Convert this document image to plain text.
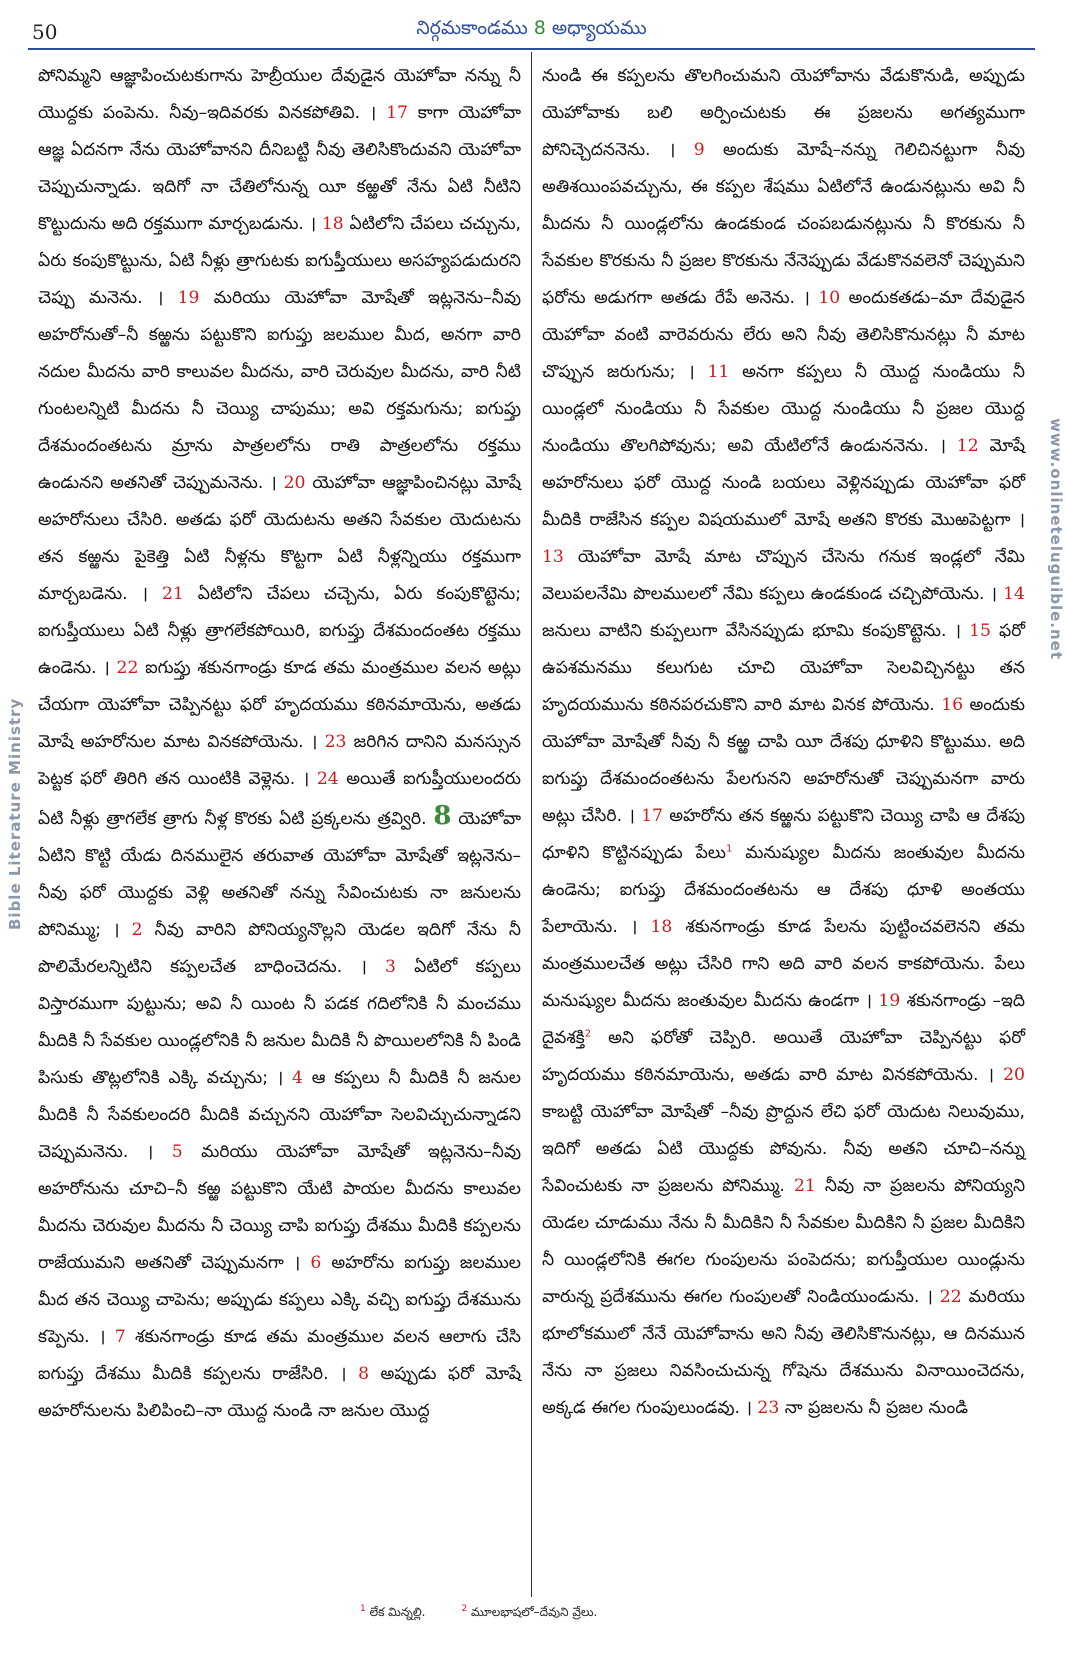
50	నిర్గమకాండము 8 అధ్యాయము
Bible Literature Ministry
www.onlineteluguible.net
పోనిమ్మని ఆజ్ఞాపించుటకుగాను హెబ్రీయుల దేవుడైన యెహోవా నన్ను నీ యొద్దకు పంపెను. నీవు–ఇదివరకు వినకపోతివి. । 17 కాగా యెహోవా ఆజ్ఞ ఏదనగా నేను యెహోవానని దీనిబట్టి నీవు తెలిసికొందువని యెహోవా చెప్పుచున్నాడు. ఇదిగో నా చేతిలోనున్న యీ కఱ్ఱతో నేను ఏటి నీటిని కొట్టుదును అది రక్తముగా మార్చబడును. । 18 ఏటిలోని చేపలు చచ్చును, ఏరు కంపుకొట్టును, ఏటి నీళ్లు త్రాగుటకు ఐగుప్తీయులు అసహ్యపడుదురని చెప్పు మనెను. । 19 మరియు యెహోవా మోషేతో ఇట్లనెను–నీవు అహరోనుతో–నీ కఱ్ఱను పట్టుకొని ఐగుప్తు జలముల మీద, అనగా వారి నదుల మీదను వారి కాలువల మీదను, వారి చెరువుల మీదను, వారి నీటి గుంటలన్నిటి మీదను నీ చెయ్యి చాపుము; అవి రక్తమగును; ఐగుప్తు దేశమందంతటను మ్రాను పాత్రలలోను రాతి పాత్రలలోను రక్తము ఉండునని అతనితో చెప్పుమనెను. । 20 యెహోవా ఆజ్ఞాపించినట్లు మోషే అహరోనులు చేసిరి. అతడు ఫరో యెదుటను అతని సేవకుల యెదుటను తన కఱ్ఱను పైకెత్తి ఏటి నీళ్లను కొట్టగా ఏటి నీళ్లన్నియు రక్తముగా మార్చబడెను. । 21 ఏటిలోని చేపలు చచ్చెను, ఏరు కంపుకొట్టెను; ఐగుప్తీయులు ఏటి నీళ్లు త్రాగలేకపోయిరి, ఐగుప్తు దేశమందంతట రక్తము ఉండెను. । 22 ఐగుప్తు శకునగాండ్రు కూడ తమ మంత్రముల వలన అట్లు చేయగా యెహోవా చెప్పినట్టు ఫరో హృదయము కఠినమాయెను, అతడు మోషే అహరోనుల మాట వినకపోయెను. । 23 జరిగిన దానిని మనస్సున పెట్టక ఫరో తిరిగి తన యింటికి వెళ్లెను. । 24 అయితే ఐగుప్తీయులందరు ఏటి నీళ్లు త్రాగలేక త్రాగు నీళ్ల కొరకు ఏటి ప్రక్కలను త్రవ్విరి. 8 యెహోవా ఏటిని కొట్టి యేడు దినములైన తరువాత యెహోవా మోషేతో ఇట్లనెను–నీవు ఫరో యొద్దకు వెళ్లి అతనితో నన్ను సేవించుటకు నా జనులను పోనిమ్ము; । 2 నీవు వారిని పోనియ్యనొల్లని యెడల ఇదిగో నేను నీ పొలిమేరలన్నిటిని కప్పలచేత బాధించెదను. । 3 ఏటిలో కప్పలు విస్తారముగా పుట్టును; అవి నీ యింట నీ పడక గదిలోనికి నీ మంచము మీదికి నీ సేవకుల యిండ్లలోనికి నీ జనుల మీదికి నీ పొయిలలోనికి నీ పిండి పిసుకు తొట్లలోనికి ఎక్కి వచ్చును; । 4 ఆ కప్పలు నీ మీదికి నీ జనుల మీదికి నీ సేవకులందరి మీదికి వచ్చునని యెహోవా సెలవిచ్చుచున్నాడని చెప్పుమనెను. । 5 మరియు యెహోవా మోషేతో ఇట్లనెను–నీవు అహరోనును చూచి–నీ కఱ్ఱ పట్టుకొని యేటి పాయల మీదను కాలువల మీదను చెరువుల మీదను నీ చెయ్యి చాపి ఐగుప్తు దేశము మీదికి కప్పలను రాజేయుమని అతనితో చెప్పుమనగా । 6 అహరోను ఐగుప్తు జలముల మీద తన చెయ్యి చాపెను; అప్పుడు కప్పలు ఎక్కి వచ్చి ఐగుప్తు దేశమును కప్పెను. । 7 శకునగాండ్రు కూడ తమ మంత్రముల వలన ఆలాగు చేసి ఐగుప్తు దేశము మీదికి కప్పలను రాజేసిరి. । 8 అప్పుడు ఫరో మోషే అహరోనులను పిలిపించి–నా యొద్ద నుండి నా జనుల యొద్ద
నుండి ఈ కప్పలను తొలగించుమని యెహోవాను వేడుకొనుడి, అప్పుడు యెహోవాకు బలి అర్పించుటకు ఈ ప్రజలను అగత్యముగా పోనిచ్చెదననెను. । 9 అందుకు మోషే–నన్ను గెలిచినట్టుగా నీవు అతిశయింపవచ్చును, ఈ కప్పల శేషము ఏటిలోనే ఉండునట్లును అవి నీ మీదను నీ యిండ్లలోను ఉండకుండ చంపబడునట్లును నీ కొరకును నీ సేవకుల కొరకును నీ ప్రజల కొరకును నేనెప్పుడు వేడుకొనవలెనో చెప్పుమని ఫరోను అడుగగా అతడు రేపే అనెను. । 10 అందుకతడు–మా దేవుడైన యెహోవా వంటి వారెవరును లేరు అని నీవు తెలిసికొనునట్లు నీ మాట చొప్పున జరుగును; । 11 అనగా కప్పలు నీ యొద్ద నుండియు నీ యిండ్లలో నుండియు నీ సేవకుల యొద్ద నుండియు నీ ప్రజల యొద్ద నుండియు తొలగిపోవును; అవి యేటిలోనే ఉండుననెను. । 12 మోషే అహరోనులు ఫరో యొద్ద నుండి బయలు వెళ్లినప్పుడు యెహోవా ఫరో మీదికి రాజేసిన కప్పల విషయములో మోషే అతని కొరకు మొఱపెట్టగా । 13 యెహోవా మోషే మాట చొప్పున చేసెను గనుక ఇండ్లలో నేమి వెలుపలనేమి పొలములలో నేమి కప్పలు ఉండకుండ చచ్చిపోయెను. । 14 జనులు వాటిని కుప్పలుగా వేసినప్పుడు భూమి కంపుకొట్టెను. । 15 ఫరో ఉపశమనము కలుగుట చూచి యెహోవా సెలవిచ్చినట్టు తన హృదయమును కఠినపరచుకొని వారి మాట వినక పోయెను. 16 అందుకు యెహోవా మోషేతో నీవు నీ కఱ్ఱ చాపి యీ దేశపు ధూళిని కొట్టుము. అది ఐగుప్తు దేశమందంతటను పేలగునని అహరోనుతో చెప్పుమనగా వారు అట్లు చేసిరి. । 17 అహరోను తన కఱ్ఱను పట్టుకొని చెయ్యి చాపి ఆ దేశపు ధూళిని కొట్టినప్పుడు పేలు$^1$ మనుష్యుల మీదను జంతువుల మీదను ఉండెను; ఐగుప్తు దేశమందంతటను ఆ దేశపు ధూళి అంతయు పేలాయెను. । 18 శకునగాండ్రు కూడ పేలను పుట్టించవలెనని తమ మంత్రములచేత అట్లు చేసిరి గాని అది వారి వలన కాకపోయెను. పేలు మనుష్యుల మీదను జంతువుల మీదను ఉండగా । 19 శకునగాండ్రు –ఇది దైవశక్తి$^2$ అని ఫరోతో చెప్పిరి. అయితే యెహోవా చెప్పినట్టు ఫరో హృదయము కఠినమాయెను, అతడు వారి మాట వినకపోయెను. । 20 కాబట్టి యెహోవా మోషేతో –నీవు ప్రొద్దున లేచి ఫరో యెదుట నిలువుము, ఇదిగో అతడు ఏటి యొద్దకు పోవును. నీవు అతని చూచి–నన్ను సేవించుటకు నా ప్రజలను పోనిమ్ము. 21 నీవు నా ప్రజలను పోనియ్యని యెడల చూడుము నేను నీ మీదికిని నీ సేవకుల మీదికిని నీ ప్రజల మీదికిని నీ యిండ్లలోనికి ఈగల గుంపులను పంపెదను; ఐగుప్తీయుల యిండ్లును వారున్న ప్రదేశమును ఈగల గుంపులతో నిండియుండును. । 22 మరియు భూలోకములో నేనే యెహోవాను అని నీవు తెలిసికొనునట్లు, ఆ దినమున నేను నా ప్రజలు నివసించుచున్న గోషెను దేశమును వినాయించెదను, అక్కడ ఈగల గుంపులుండవు. । 23 నా ప్రజలను నీ ప్రజల నుండి
$^1$ లేక మిన్నల్లి.	$^2$ మూలభాషలో–దేవుని వ్రేలు.
